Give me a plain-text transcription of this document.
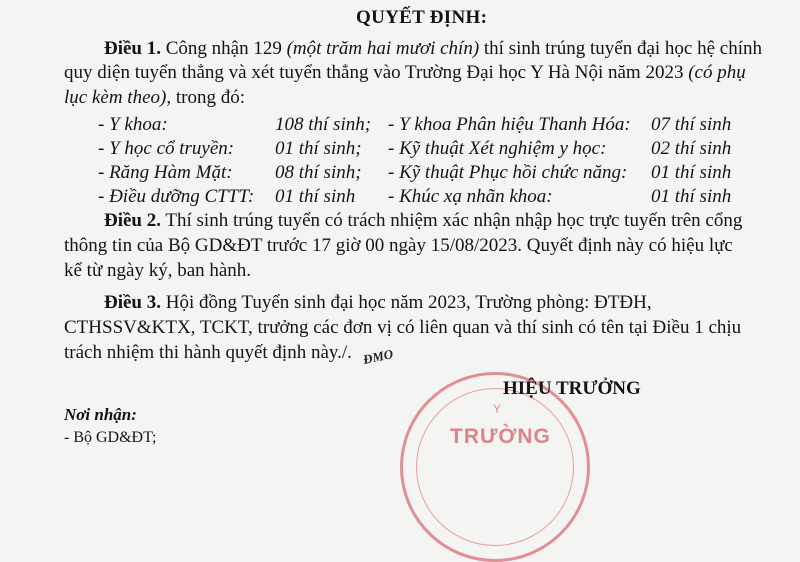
QUYẾT ĐỊNH:
Điều 1. Công nhận 129 (một trăm hai mươi chín) thí sinh trúng tuyển đại học hệ chính
quy diện tuyển thẳng và xét tuyển thẳng vào Trường Đại học Y Hà Nội năm 2023 (có phụ
lục kèm theo), trong đó:
- Y khoa:	108 thí sinh; - Y khoa Phân hiệu Thanh Hóa: 07 thí sinh
- Y học cổ truyền: 01 thí sinh; - Kỹ thuật Xét nghiệm y học: 02 thí sinh
- Răng Hàm Mặt: 08 thí sinh; - Kỹ thuật Phục hồi chức năng: 01 thí sinh
- Điều dưỡng CTTT: 01 thí sinh - Khúc xạ nhãn khoa:	01 thí sinh
Điều 2. Thí sinh trúng tuyển có trách nhiệm xác nhận nhập học trực tuyến trên cổng
thông tin của Bộ GD&ĐT trước 17 giờ 00 ngày 15/08/2023. Quyết định này có hiệu lực
kể từ ngày ký, ban hành.
Điều 3. Hội đồng Tuyển sinh đại học năm 2023, Trường phòng: ĐTĐH,
CTHSSV&KTX, TCKT, trưởng các đơn vị có liên quan và thí sinh có tên tại Điều 1 chịu
trách nhiệm thi hành quyết định này./. ĐMO
Y
TRƯỜNG
HIỆU TRƯỞNG
Nơi nhận:
- Bộ GD&ĐT;
